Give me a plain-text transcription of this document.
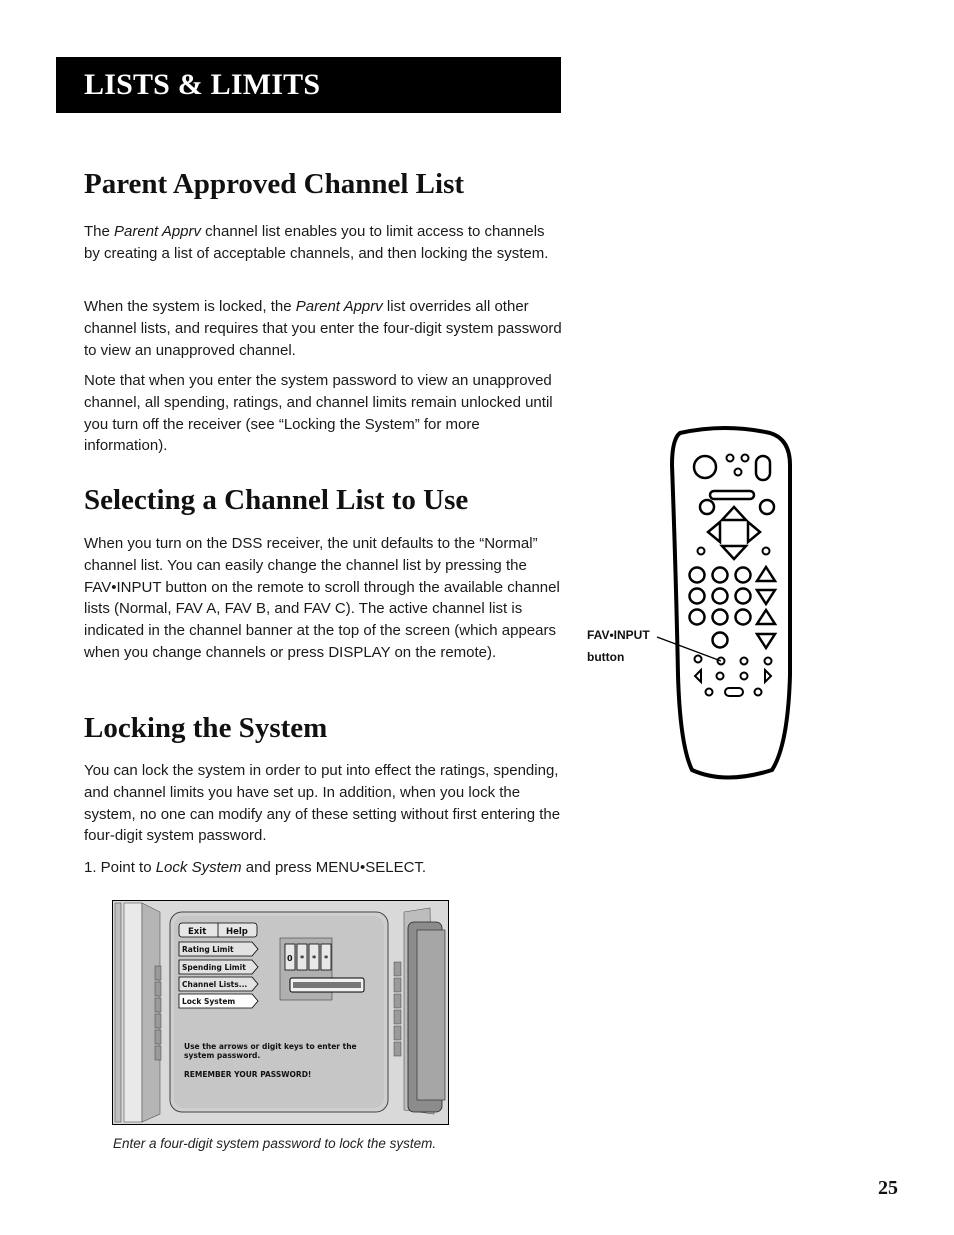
LISTS & LIMITS
Parent Approved Channel List

The Parent Apprv channel list enables you to limit access to channels by creating a list of acceptable channels, and then locking the system.

When the system is locked, the Parent Apprv list overrides all other channel lists, and requires that you enter the four-digit system password to view an unapproved channel.

Note that when you enter the system password to view an unapproved channel, all spending, ratings, and channel limits remain unlocked until you turn off the receiver (see “Locking the System” for more information).

Selecting a Channel List to Use

When you turn on the DSS receiver, the unit defaults to the “Normal” channel list. You can easily change the channel list by pressing the FAV•INPUT button on the remote to scroll through the available channel lists (Normal, FAV A, FAV B, and FAV C). The active channel list is indicated in the channel banner at the top of the screen (which appears when you change channels or press DISPLAY on the remote).

Locking the System

You can lock the system in order to put into effect the ratings, spending, and channel limits you have set up. In addition, when you lock the system, no one can modify any of these setting without first entering the four-digit system password.

1. Point to Lock System and press MENU•SELECT.

FAV•INPUT
button
Exit Help
Rating Limit
Spending Limit
Channel Lists...
Lock System
0 * * *
Use the arrows or digit keys to enter the
system password.
REMEMBER YOUR PASSWORD!

Enter a four-digit system password to lock the system.

25
